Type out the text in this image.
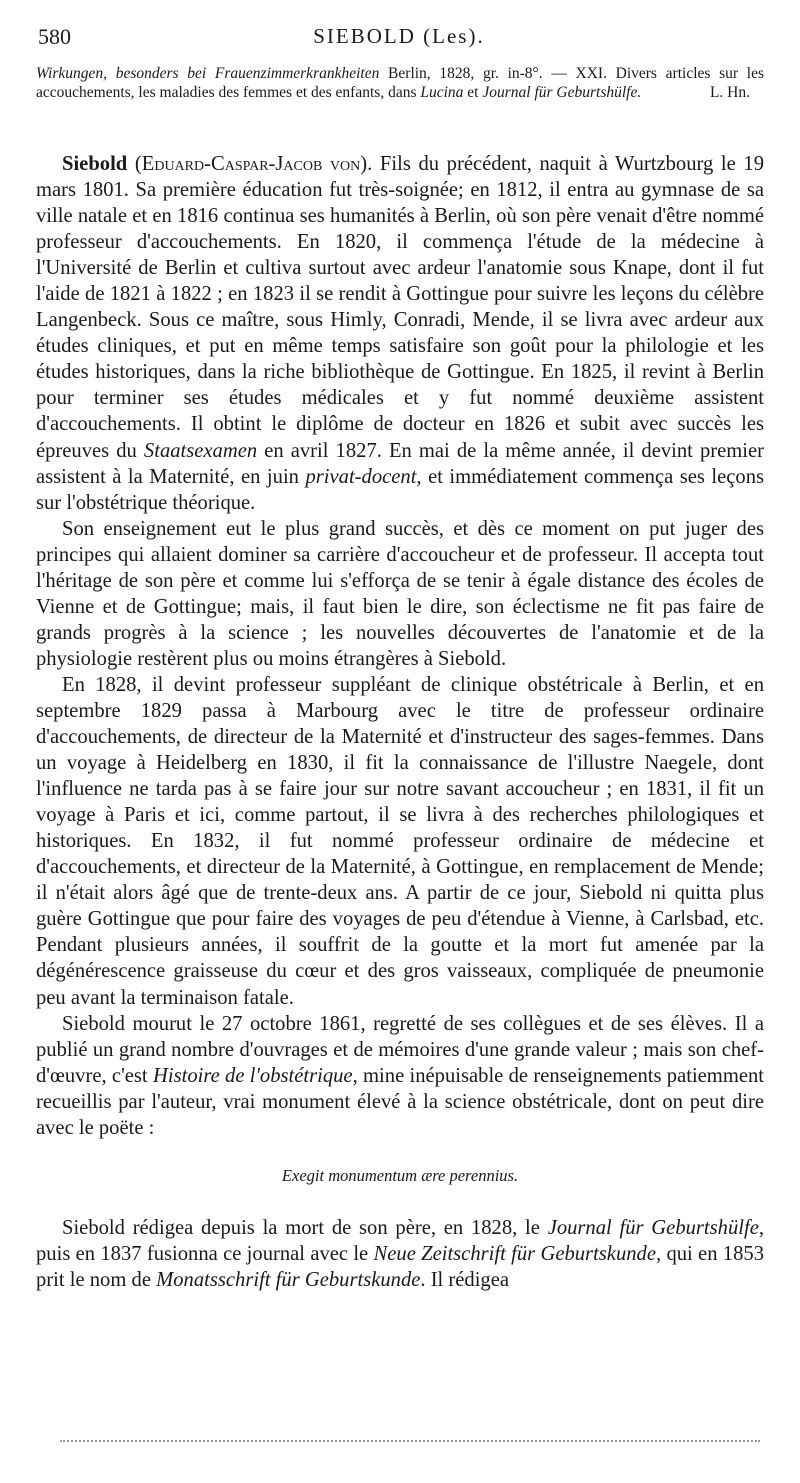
580	SIEBOLD (Les).

Wirkungen, besonders bei Frauenzimmerkrankheiten Berlin, 1828, gr. in-8°. — XXI. Divers articles sur les accouchements, les maladies des femmes et des enfants, dans Lucina et Journal für Geburtshülfe.	L. Hn.

Siebold (Eduard-Caspar-Jacob von). Fils du précédent, naquit à Wurtzbourg le 19 mars 1801. Sa première éducation fut très-soignée; en 1812, il entra au gymnase de sa ville natale et en 1816 continua ses humanités à Berlin, où son père venait d'être nommé professeur d'accouchements. En 1820, il commença l'étude de la médecine à l'Université de Berlin et cultiva surtout avec ardeur l'anatomie sous Knape, dont il fut l'aide de 1821 à 1822 ; en 1823 il se rendit à Gottingue pour suivre les leçons du célèbre Langenbeck. Sous ce maître, sous Himly, Conradi, Mende, il se livra avec ardeur aux études cliniques, et put en même temps satisfaire son goût pour la philologie et les études historiques, dans la riche bibliothèque de Gottingue. En 1825, il revint à Berlin pour terminer ses études médicales et y fut nommé deuxième assistent d'accouchements. Il obtint le diplôme de docteur en 1826 et subit avec succès les épreuves du Staatsexamen en avril 1827. En mai de la même année, il devint premier assistent à la Maternité, en juin privat-docent, et immédiatement commença ses leçons sur l'obstétrique théorique.

Son enseignement eut le plus grand succès, et dès ce moment on put juger des principes qui allaient dominer sa carrière d'accoucheur et de professeur. Il accepta tout l'héritage de son père et comme lui s'efforça de se tenir à égale distance des écoles de Vienne et de Gottingue; mais, il faut bien le dire, son éclectisme ne fit pas faire de grands progrès à la science ; les nouvelles découvertes de l'anatomie et de la physiologie restèrent plus ou moins étrangères à Siebold.

En 1828, il devint professeur suppléant de clinique obstétricale à Berlin, et en septembre 1829 passa à Marbourg avec le titre de professeur ordinaire d'accouchements, de directeur de la Maternité et d'instructeur des sages-femmes. Dans un voyage à Heidelberg en 1830, il fit la connaissance de l'illustre Naegele, dont l'influence ne tarda pas à se faire jour sur notre savant accoucheur ; en 1831, il fit un voyage à Paris et ici, comme partout, il se livra à des recherches philologiques et historiques. En 1832, il fut nommé professeur ordinaire de médecine et d'accouchements, et directeur de la Maternité, à Gottingue, en remplacement de Mende; il n'était alors âgé que de trente-deux ans. A partir de ce jour, Siebold ni quitta plus guère Gottingue que pour faire des voyages de peu d'étendue à Vienne, à Carlsbad, etc. Pendant plusieurs années, il souffrit de la goutte et la mort fut amenée par la dégénérescence graisseuse du cœur et des gros vaisseaux, compliquée de pneumonie peu avant la terminaison fatale.

Siebold mourut le 27 octobre 1861, regretté de ses collègues et de ses élèves. Il a publié un grand nombre d'ouvrages et de mémoires d'une grande valeur ; mais son chef-d'œuvre, c'est Histoire de l'obstétrique, mine inépuisable de renseignements patiemment recueillis par l'auteur, vrai monument élevé à la science obstétricale, dont on peut dire avec le poëte :

Exegit monumentum ære perennius.

Siebold rédigea depuis la mort de son père, en 1828, le Journal für Geburtshülfe, puis en 1837 fusionna ce journal avec le Neue Zeitschrift für Geburtskunde, qui en 1853 prit le nom de Monatsschrift für Geburtskunde. Il rédigea
